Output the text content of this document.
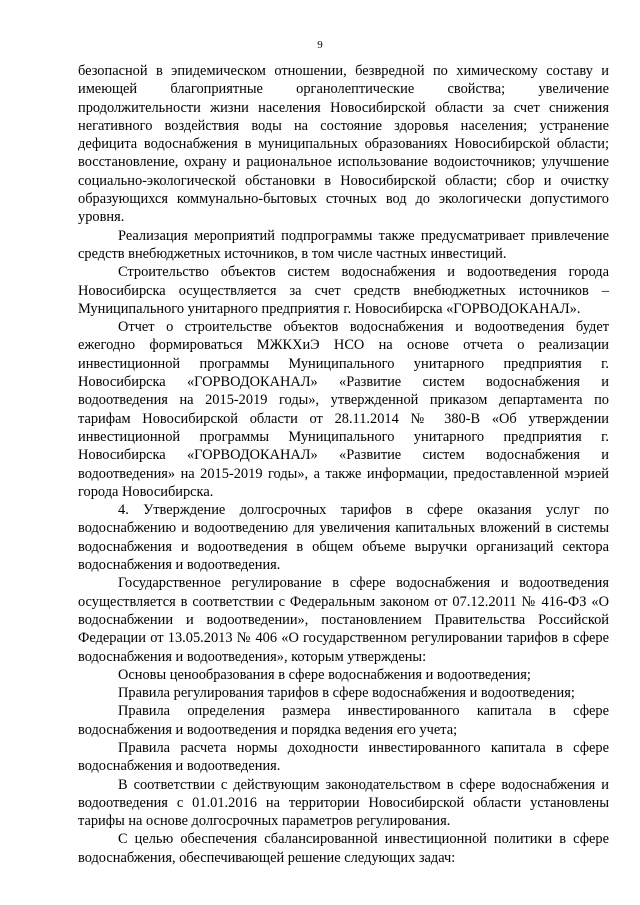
9

безопасной в эпидемическом отношении, безвредной по химическому составу и имеющей благоприятные органолептические свойства; увеличение продолжительности жизни населения Новосибирской области за счет снижения негативного воздействия воды на состояние здоровья населения; устранение дефицита водоснабжения в муниципальных образованиях Новосибирской области; восстановление, охрану и рациональное использование водоисточников; улучшение социально-экологической обстановки в Новосибирской области; сбор и очистку образующихся коммунально-бытовых сточных вод до экологически допустимого уровня.

Реализация мероприятий подпрограммы также предусматривает привлечение средств внебюджетных источников, в том числе частных инвестиций.

Строительство объектов систем водоснабжения и водоотведения города Новосибирска осуществляется за счет средств внебюджетных источников – Муниципального унитарного предприятия г. Новосибирска «ГОРВОДОКАНАЛ».

Отчет о строительстве объектов водоснабжения и водоотведения будет ежегодно формироваться МЖКХиЭ НСО на основе отчета о реализации инвестиционной программы Муниципального унитарного предприятия г. Новосибирска «ГОРВОДОКАНАЛ» «Развитие систем водоснабжения и водоотведения на 2015-2019 годы», утвержденной приказом департамента по тарифам Новосибирской области от 28.11.2014 № 380-В «Об утверждении инвестиционной программы Муниципального унитарного предприятия г. Новосибирска «ГОРВОДОКАНАЛ» «Развитие систем водоснабжения и водоотведения» на 2015-2019 годы», а также информации, предоставленной мэрией города Новосибирска.

4. Утверждение долгосрочных тарифов в сфере оказания услуг по водоснабжению и водоотведению для увеличения капитальных вложений в системы водоснабжения и водоотведения в общем объеме выручки организаций сектора водоснабжения и водоотведения.

Государственное регулирование в сфере водоснабжения и водоотведения осуществляется в соответствии с Федеральным законом от 07.12.2011 № 416-ФЗ «О водоснабжении и водоотведении», постановлением Правительства Российской Федерации от 13.05.2013 № 406 «О государственном регулировании тарифов в сфере водоснабжения и водоотведения», которым утверждены:

Основы ценообразования в сфере водоснабжения и водоотведения;

Правила регулирования тарифов в сфере водоснабжения и водоотведения;

Правила определения размера инвестированного капитала в сфере водоснабжения и водоотведения и порядка ведения его учета;

Правила расчета нормы доходности инвестированного капитала в сфере водоснабжения и водоотведения.

В соответствии с действующим законодательством в сфере водоснабжения и водоотведения с 01.01.2016 на территории Новосибирской области установлены тарифы на основе долгосрочных параметров регулирования.

С целью обеспечения сбалансированной инвестиционной политики в сфере водоснабжения, обеспечивающей решение следующих задач:
